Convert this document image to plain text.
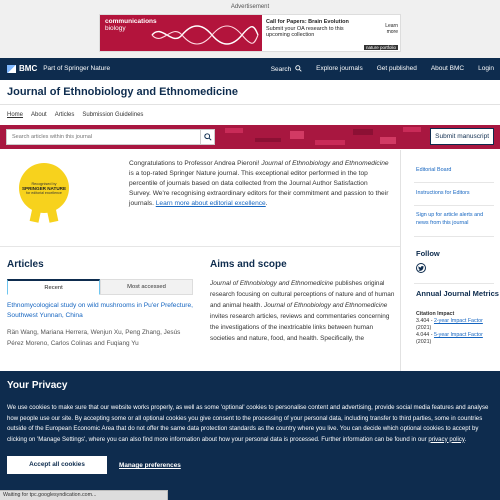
Advertisement
communications
biology
Call for Papers: Brain Evolution
Submit your OA research to this upcoming collection
Learn more
nature portfolio
BMC Part of Springer Nature	Search	Explore journals Get published About BMC Login
Journal of Ethnobiology and Ethnomedicine
Home About Articles Submission Guidelines
Search articles within this journal
Submit manuscript
Recognised by
SPRINGER NATURE
for editorial excellence
Congratulations to Professor Andrea Pieroni! Journal of Ethnobiology and Ethnomedicine is a top-rated Springer Nature journal. This exceptional editor performed in the top percentile of journals based on data collected from the Journal Author Satisfaction Survey. We're recognising extraordinary editors for their commitment and passion to their journals. Learn more about editorial excellence.
Editorial Board
Instructions for Editors
Sign up for article alerts and news from this journal
Follow
Annual Journal Metrics
Citation Impact
3.404 - 2-year Impact Factor (2021)
4.044 - 5-year Impact Factor (2021)
Articles
Recent	Most accessed
Ethnomycological study on wild mushrooms in Pu'er Prefecture, Southwest Yunnan, China
Rän Wang, Mariana Herrera, Wenjun Xu, Peng Zhang, Jesús Pérez Moreno, Carlos Colinas and Fuqiang Yu
Aims and scope
Journal of Ethnobiology and Ethnomedicine publishes original research focusing on cultural perceptions of nature and of human and animal health. Journal of Ethnobiology and Ethnomedicine invites research articles, reviews and commentaries concerning the investigations of the inextricable links between human societies and nature, food, and health. Specifically, the
Your Privacy
We use cookies to make sure that our website works properly, as well as some 'optional' cookies to personalise content and advertising, provide social media features and analyse how people use our site. By accepting some or all optional cookies you give consent to the processing of your personal data, including transfer to third parties, some in countries outside of the European Economic Area that do not offer the same data protection standards as the country where you live. You can decide which optional cookies to accept by clicking on 'Manage Settings', where you can also find more information about how your personal data is processed. Further information can be found in our privacy policy.
Accept all cookies	Manage preferences
Waiting for tpc.googlesyndication.com...
